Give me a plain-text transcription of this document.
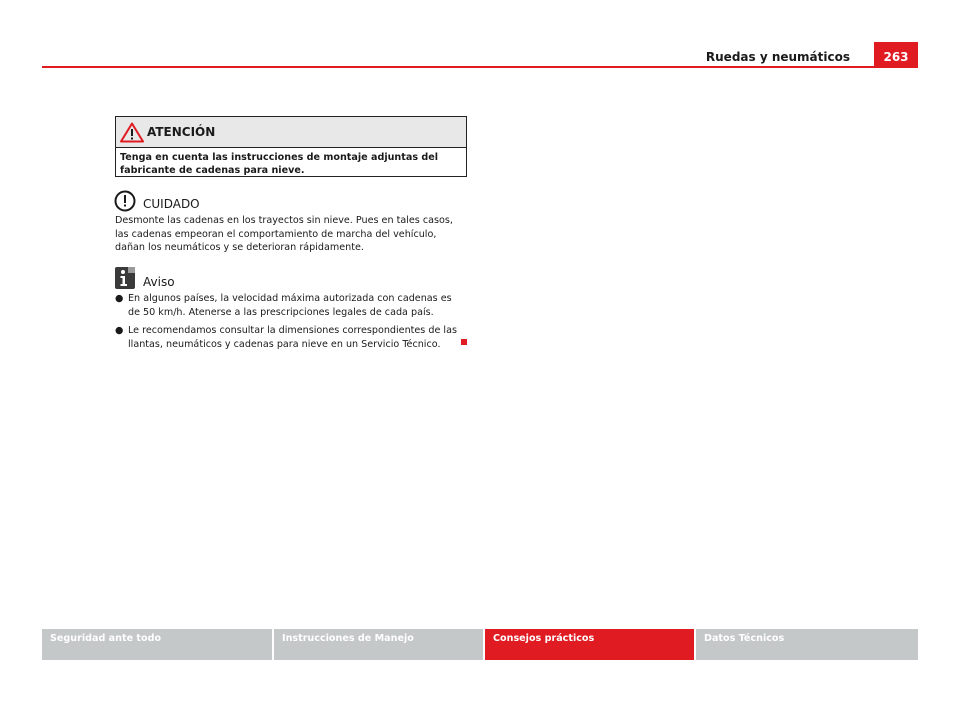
Ruedas y neumáticos	263
ATENCIÓN
Tenga en cuenta las instrucciones de montaje adjuntas del fabricante de cadenas para nieve.
CUIDADO
Desmonte las cadenas en los trayectos sin nieve. Pues en tales casos, las cadenas empeoran el comportamiento de marcha del vehículo, dañan los neumáticos y se deterioran rápidamente.
Aviso
● En algunos países, la velocidad máxima autorizada con cadenas es de 50 km/h. Atenerse a las prescripciones legales de cada país.
● Le recomendamos consultar la dimensiones correspondientes de las llantas, neumáticos y cadenas para nieve en un Servicio Técnico.
Seguridad ante todo	Instrucciones de Manejo	Consejos prácticos	Datos Técnicos
